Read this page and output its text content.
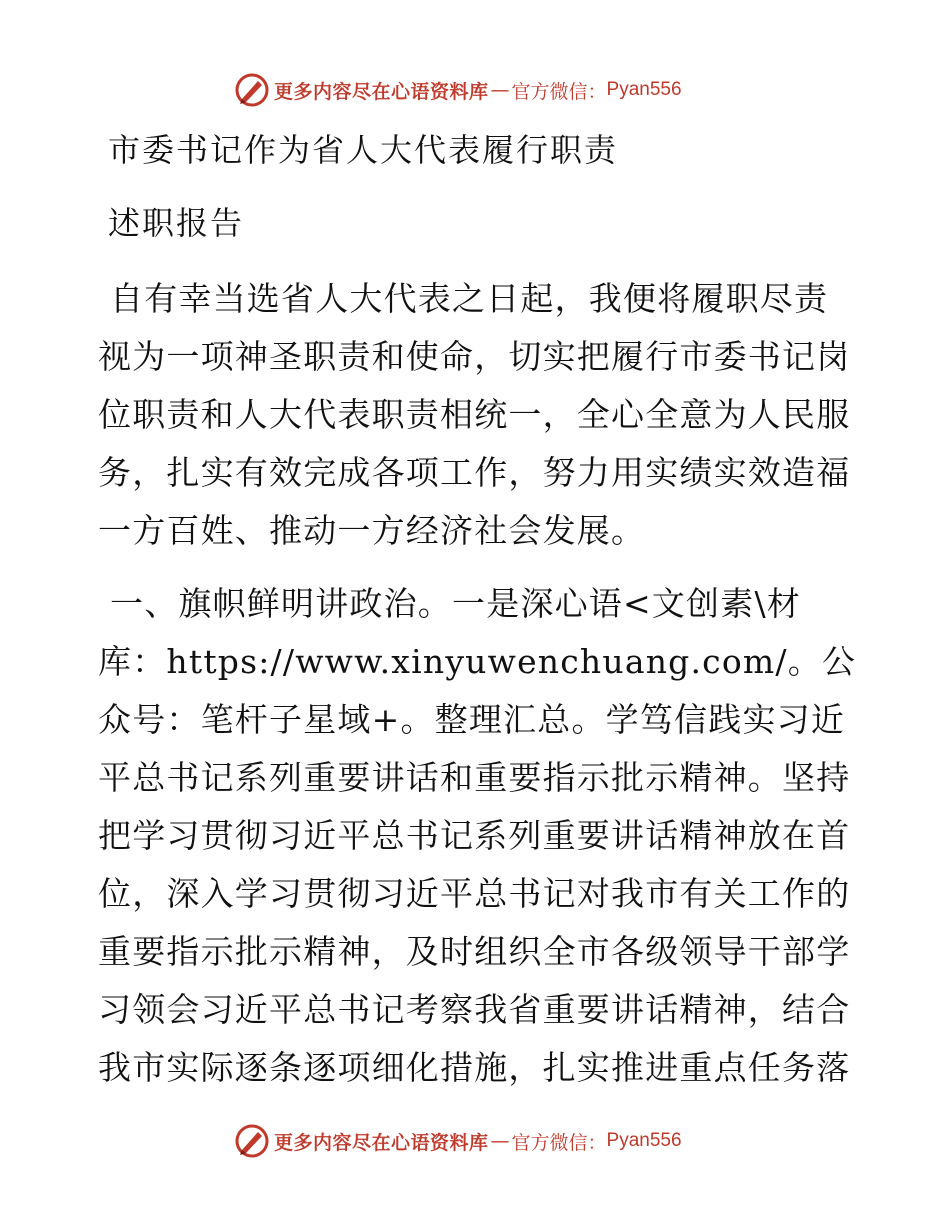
更多内容尽在心语资料库 — 官方微信： Pyan556
市委书记作为省人大代表履行职责
述职报告

自有幸当选省人大代表之日起，我便将履职尽责视为一项神圣职责和使命，切实把履行市委书记岗位职责和人大代表职责相统一，全心全意为人民服务，扎实有效完成各项工作，努力用实绩实效造福一方百姓、推动一方经济社会发展。

一、旗帜鲜明讲政治。一是深心语<文创素\材库：https://www.xinyuwenchuang.com/。公众号：笔杆子星域+。整理汇总。学笃信践实习近平总书记系列重要讲话和重要指示批示精神。坚持把学习贯彻习近平总书记系列重要讲话精神放在首位，深入学习贯彻习近平总书记对我市有关工作的重要指示批示精神，及时组织全市各级领导干部学习领会习近平总书记考察我省重要讲话精神，结合我市实际逐条逐项细化措施，扎实推进重点任务落

更多内容尽在心语资料库 — 官方微信： Pyan556
